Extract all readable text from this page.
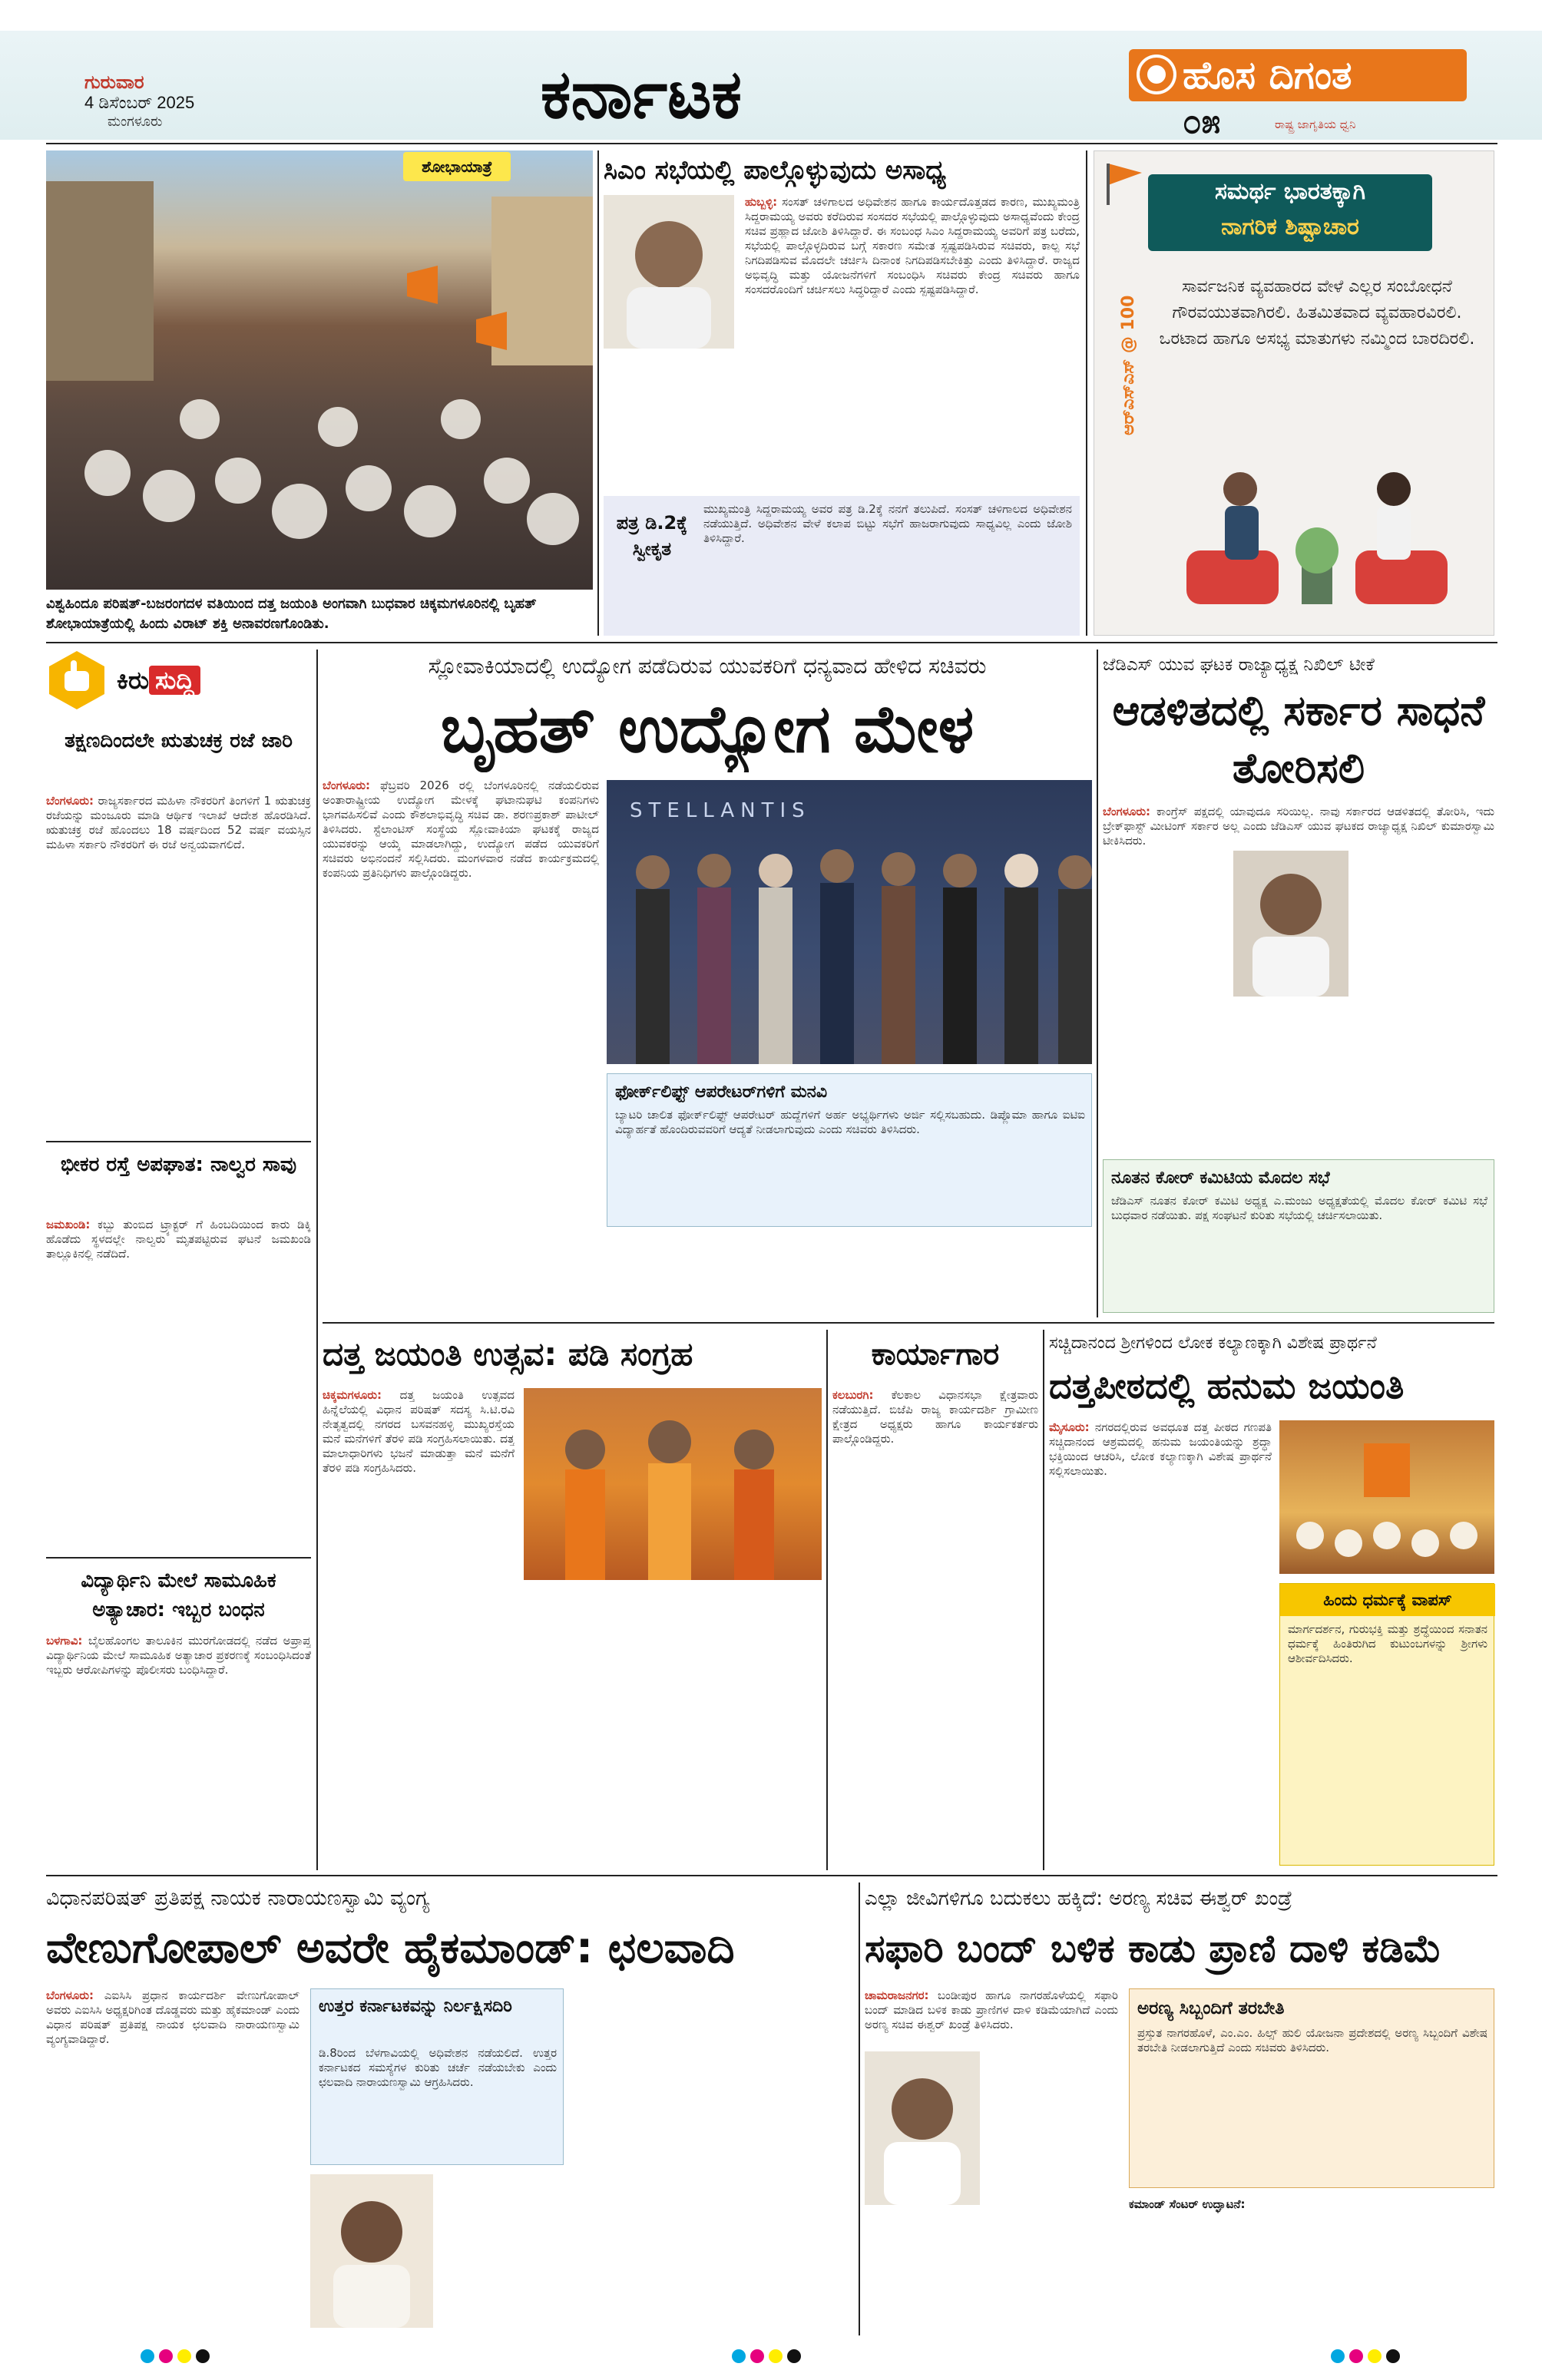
ಗುರುವಾರ
4 ಡಿಸೆಂಬರ್ 2025
ಮಂಗಳೂರು	ಕರ್ನಾಟಕ	ಹೊಸ ದಿಗಂತ
೦೫	ರಾಷ್ಟ್ರ ಜಾಗೃತಿಯ ಧ್ವನಿ
ಶೋಭಾಯಾತ್ರೆ
ವಿಶ್ವಹಿಂದೂ ಪರಿಷತ್-ಬಜರಂಗದಳ ವತಿಯಿಂದ ದತ್ತ ಜಯಂತಿ ಅಂಗವಾಗಿ ಬುಧವಾರ ಚಿಕ್ಕಮಗಳೂರಿನಲ್ಲಿ ಬೃಹತ್ ಶೋಭಾಯಾತ್ರೆಯಲ್ಲಿ ಹಿಂದು ವಿರಾಟ್ ಶಕ್ತಿ ಅನಾವರಣಗೊಂಡಿತು.
ಸಿಎಂ ಸಭೆಯಲ್ಲಿ ಪಾಲ್ಗೊಳ್ಳುವುದು ಅಸಾಧ್ಯ
ಹುಬ್ಬಳ್ಳಿ: ಸಂಸತ್ ಚಳಿಗಾಲದ ಅಧಿವೇಶನ ಹಾಗೂ ಕಾರ್ಯದೊತ್ತಡದ ಕಾರಣ, ಮುಖ್ಯಮಂತ್ರಿ ಸಿದ್ದರಾಮಯ್ಯ ಅವರು ಕರೆದಿರುವ ಸಂಸದರ ಸಭೆಯಲ್ಲಿ ಪಾಲ್ಗೊಳ್ಳುವುದು ಅಸಾಧ್ಯವೆಂದು ಕೇಂದ್ರ ಸಚಿವ ಪ್ರಹ್ಲಾದ ಜೋಶಿ ತಿಳಿಸಿದ್ದಾರೆ. ಈ ಸಂಬಂಧ ಸಿಎಂ ಸಿದ್ದರಾಮಯ್ಯ ಅವರಿಗೆ ಪತ್ರ ಬರೆದು, ಸಭೆಯಲ್ಲಿ ಪಾಲ್ಗೊಳ್ಳದಿರುವ ಬಗ್ಗೆ ಸಕಾರಣ ಸಮೇತ ಸ್ಪಷ್ಟಪಡಿಸಿರುವ ಸಚಿವರು, ಕಾಲ್ಪ ಸಭೆ ನಿಗದಿಪಡಿಸುವ ಮೊದಲೇ ಚರ್ಚಿಸಿ ದಿನಾಂಕ ನಿಗದಿಪಡಿಸಬೇಕಿತ್ತು ಎಂದು ತಿಳಿಸಿದ್ದಾರೆ. ರಾಜ್ಯದ ಅಭಿವೃದ್ಧಿ ಮತ್ತು ಯೋಜನೆಗಳಿಗೆ ಸಂಬಂಧಿಸಿ ಸಚಿವರು ಕೇಂದ್ರ ಸಚಿವರು ಹಾಗೂ ಸಂಸದರೊಂದಿಗೆ ಚರ್ಚಿಸಲು ಸಿದ್ಧರಿದ್ದಾರೆ ಎಂದು ಸ್ಪಷ್ಟಪಡಿಸಿದ್ದಾರೆ.
ಪತ್ರ ಡಿ.2ಕ್ಕೆ ಸ್ವೀಕೃತ
ಮುಖ್ಯಮಂತ್ರಿ ಸಿದ್ದರಾಮಯ್ಯ ಅವರ ಪತ್ರ ಡಿ.2ಕ್ಕೆ ನನಗೆ ತಲುಪಿದೆ. ಸಂಸತ್ ಚಳಿಗಾಲದ ಅಧಿವೇಶನ ನಡೆಯುತ್ತಿದೆ. ಅಧಿವೇಶನ ವೇಳೆ ಕಲಾಪ ಬಿಟ್ಟು ಸಭೆಗೆ ಹಾಜರಾಗುವುದು ಸಾಧ್ಯವಿಲ್ಲ ಎಂದು ಜೋಶಿ ತಿಳಿಸಿದ್ದಾರೆ.
ಸಮರ್ಥ ಭಾರತಕ್ಕಾಗಿ
ನಾಗರಿಕ ಶಿಷ್ಟಾಚಾರ
ಆರ್‌ಎಸ್‌ಎಸ್ @ 100
ಸಾರ್ವಜನಿಕ ವ್ಯವಹಾರದ ವೇಳೆ ಎಲ್ಲರ ಸಂಬೋಧನೆ ಗೌರವಯುತವಾಗಿರಲಿ. ಹಿತಮಿತವಾದ ವ್ಯವಹಾರವಿರಲಿ. ಒರಟಾದ ಹಾಗೂ ಅಸಭ್ಯ ಮಾತುಗಳು ನಮ್ಮಿಂದ ಬಾರದಿರಲಿ.
ಕಿರು ಸುದ್ದಿ
ತಕ್ಷಣದಿಂದಲೇ ಋತುಚಕ್ರ ರಜೆ ಜಾರಿ
ಬೆಂಗಳೂರು: ರಾಜ್ಯಸರ್ಕಾರದ ಮಹಿಳಾ ನೌಕರರಿಗೆ ತಿಂಗಳಿಗೆ 1 ಋತುಚಕ್ರ ರಜೆಯನ್ನು ಮಂಜೂರು ಮಾಡಿ ಆರ್ಥಿಕ ಇಲಾಖೆ ಆದೇಶ ಹೊರಡಿಸಿದೆ. ಋತುಚಕ್ರ ರಜೆ ಹೊಂದಲು 18 ವರ್ಷದಿಂದ 52 ವರ್ಷ ವಯಸ್ಸಿನ ಮಹಿಳಾ ಸರ್ಕಾರಿ ನೌಕರರಿಗೆ ಈ ರಜೆ ಅನ್ವಯವಾಗಲಿದೆ.
ಭೀಕರ ರಸ್ತೆ ಅಪಘಾತ: ನಾಲ್ವರ ಸಾವು
ಜಮಖಂಡಿ: ಕಬ್ಬು ತುಂಬಿದ ಟ್ರ್ಯಾಕ್ಟರ್ ಗೆ ಹಿಂಬದಿಯಿಂದ ಕಾರು ಡಿಕ್ಕಿ ಹೊಡೆದು ಸ್ಥಳದಲ್ಲೇ ನಾಲ್ವರು ಮೃತಪಟ್ಟಿರುವ ಘಟನೆ ಜಮಖಂಡಿ ತಾಲ್ಲೂಕಿನಲ್ಲಿ ನಡೆದಿದೆ.
ವಿದ್ಯಾರ್ಥಿನಿ ಮೇಲೆ ಸಾಮೂಹಿಕ ಅತ್ಯಾಚಾರ: ಇಬ್ಬರ ಬಂಧನ
ಬಳಗಾವಿ: ಬೈಲಹೊಂಗಲ ತಾಲೂಕಿನ ಮುರಗೋಡದಲ್ಲಿ ನಡೆದ ಅಪ್ರಾಪ್ತ ವಿದ್ಯಾರ್ಥಿನಿಯ ಮೇಲೆ ಸಾಮೂಹಿಕ ಅತ್ಯಾಚಾರ ಪ್ರಕರಣಕ್ಕೆ ಸಂಬಂಧಿಸಿದಂತೆ ಇಬ್ಬರು ಆರೋಪಿಗಳನ್ನು ಪೊಲೀಸರು ಬಂಧಿಸಿದ್ದಾರೆ.
ಸ್ಲೋವಾಕಿಯಾದಲ್ಲಿ ಉದ್ಯೋಗ ಪಡೆದಿರುವ ಯುವಕರಿಗೆ ಧನ್ಯವಾದ ಹೇಳಿದ ಸಚಿವರು
ಬೃಹತ್ ಉದ್ಯೋಗ ಮೇಳ
ಬೆಂಗಳೂರು: ಫೆಬ್ರವರಿ 2026 ರಲ್ಲಿ ಬೆಂಗಳೂರಿನಲ್ಲಿ ನಡೆಯಲಿರುವ ಅಂತಾರಾಷ್ಟ್ರೀಯ ಉದ್ಯೋಗ ಮೇಳಕ್ಕೆ ಘಟಾನುಘಟಿ ಕಂಪನಿಗಳು ಭಾಗವಹಿಸಲಿವೆ ಎಂದು ಕೌಶಲಾಭಿವೃದ್ಧಿ ಸಚಿವ ಡಾ. ಶರಣಪ್ರಕಾಶ್ ಪಾಟೀಲ್ ತಿಳಿಸಿದರು. ಸ್ಟೆಲಾಂಟಿಸ್ ಸಂಸ್ಥೆಯ ಸ್ಲೋವಾಕಿಯಾ ಘಟಕಕ್ಕೆ ರಾಜ್ಯದ ಯುವಕರನ್ನು ಆಯ್ಕೆ ಮಾಡಲಾಗಿದ್ದು, ಉದ್ಯೋಗ ಪಡೆದ ಯುವಕರಿಗೆ ಸಚಿವರು ಅಭಿನಂದನೆ ಸಲ್ಲಿಸಿದರು. ಮಂಗಳವಾರ ನಡೆದ ಕಾರ್ಯಕ್ರಮದಲ್ಲಿ ಕಂಪನಿಯ ಪ್ರತಿನಿಧಿಗಳು ಪಾಲ್ಗೊಂಡಿದ್ದರು.
STELLANTIS
ಫೋರ್ಕ್‌ಲಿಫ್ಟ್ ಆಪರೇಟರ್‌ಗಳಿಗೆ ಮನವಿ
ಬ್ಯಾಟರಿ ಚಾಲಿತ ಫೋರ್ಕ್‌ಲಿಫ್ಟ್ ಆಪರೇಟರ್ ಹುದ್ದೆಗಳಿಗೆ ಅರ್ಹ ಅಭ್ಯರ್ಥಿಗಳು ಅರ್ಜಿ ಸಲ್ಲಿಸಬಹುದು. ಡಿಪ್ಲೊಮಾ ಹಾಗೂ ಐಟಿಐ ವಿದ್ಯಾರ್ಹತೆ ಹೊಂದಿರುವವರಿಗೆ ಆದ್ಯತೆ ನೀಡಲಾಗುವುದು ಎಂದು ಸಚಿವರು ತಿಳಿಸಿದರು.
ಜೆಡಿಎಸ್ ಯುವ ಘಟಕ ರಾಜ್ಯಾಧ್ಯಕ್ಷ ನಿಖಿಲ್ ಟೀಕೆ
ಆಡಳಿತದಲ್ಲಿ ಸರ್ಕಾರ ಸಾಧನೆ ತೋರಿಸಲಿ
ಬೆಂಗಳೂರು: ಕಾಂಗ್ರೆಸ್ ಪಕ್ಷದಲ್ಲಿ ಯಾವುದೂ ಸರಿಯಿಲ್ಲ. ನಾವು ಸರ್ಕಾರದ ಆಡಳಿತದಲ್ಲಿ ತೋರಿಸಿ, ಇದು ಬ್ರೇಕ್‌ಫಾಸ್ಟ್ ಮೀಟಿಂಗ್ ಸರ್ಕಾರ ಅಲ್ಲ ಎಂದು ಜೆಡಿಎಸ್ ಯುವ ಘಟಕದ ರಾಜ್ಯಾಧ್ಯಕ್ಷ ನಿಖಿಲ್ ಕುಮಾರಸ್ವಾಮಿ ಟೀಕಿಸಿದರು.
ನೂತನ ಕೋರ್ ಕಮಿಟಿಯ ಮೊದಲ ಸಭೆ
ಜೆಡಿಎಸ್ ನೂತನ ಕೋರ್ ಕಮಿಟಿ ಅಧ್ಯಕ್ಷ ಎ.ಮಂಜು ಅಧ್ಯಕ್ಷತೆಯಲ್ಲಿ ಮೊದಲ ಕೋರ್ ಕಮಿಟಿ ಸಭೆ ಬುಧವಾರ ನಡೆಯಿತು. ಪಕ್ಷ ಸಂಘಟನೆ ಕುರಿತು ಸಭೆಯಲ್ಲಿ ಚರ್ಚಿಸಲಾಯಿತು.
ದತ್ತ ಜಯಂತಿ ಉತ್ಸವ: ಪಡಿ ಸಂಗ್ರಹ
ಚಿಕ್ಕಮಗಳೂರು: ದತ್ತ ಜಯಂತಿ ಉತ್ಸವದ ಹಿನ್ನೆಲೆಯಲ್ಲಿ ವಿಧಾನ ಪರಿಷತ್ ಸದಸ್ಯ ಸಿ.ಟಿ.ರವಿ ನೇತೃತ್ವದಲ್ಲಿ ನಗರದ ಬಸವನಹಳ್ಳಿ ಮುಖ್ಯರಸ್ತೆಯ ಮನೆ ಮನೆಗಳಿಗೆ ತೆರಳಿ ಪಡಿ ಸಂಗ್ರಹಿಸಲಾಯಿತು. ದತ್ತ ಮಾಲಾಧಾರಿಗಳು ಭಜನೆ ಮಾಡುತ್ತಾ ಮನೆ ಮನೆಗೆ ತೆರಳಿ ಪಡಿ ಸಂಗ್ರಹಿಸಿದರು.
ಕಾರ್ಯಾಗಾರ
ಕಲಬುರಗಿ: ಕೆಲಕಾಲ ವಿಧಾನಸಭಾ ಕ್ಷೇತ್ರವಾರು ನಡೆಯುತ್ತಿದೆ. ಬಿಜೆಪಿ ರಾಜ್ಯ ಕಾರ್ಯದರ್ಶಿ ಗ್ರಾಮೀಣ ಕ್ಷೇತ್ರದ ಅಧ್ಯಕ್ಷರು ಹಾಗೂ ಕಾರ್ಯಕರ್ತರು ಪಾಲ್ಗೊಂಡಿದ್ದರು.
ಸಚ್ಚಿದಾನಂದ ಶ್ರೀಗಳಿಂದ ಲೋಕ ಕಲ್ಯಾಣಕ್ಕಾಗಿ ವಿಶೇಷ ಪ್ರಾರ್ಥನೆ
ದತ್ತಪೀಠದಲ್ಲಿ ಹನುಮ ಜಯಂತಿ
ಮೈಸೂರು: ನಗರದಲ್ಲಿರುವ ಅವಧೂತ ದತ್ತ ಪೀಠದ ಗಣಪತಿ ಸಚ್ಚಿದಾನಂದ ಆಶ್ರಮದಲ್ಲಿ ಹನುಮ ಜಯಂತಿಯನ್ನು ಶ್ರದ್ಧಾ ಭಕ್ತಿಯಿಂದ ಆಚರಿಸಿ, ಲೋಕ ಕಲ್ಯಾಣಕ್ಕಾಗಿ ವಿಶೇಷ ಪ್ರಾರ್ಥನೆ ಸಲ್ಲಿಸಲಾಯಿತು.
ಹಿಂದು ಧರ್ಮಕ್ಕೆ ವಾಪಸ್
ಮಾರ್ಗದರ್ಶನ, ಗುರುಭಕ್ತಿ ಮತ್ತು ಶ್ರದ್ಧೆಯಿಂದ ಸನಾತನ ಧರ್ಮಕ್ಕೆ ಹಿಂತಿರುಗಿದ ಕುಟುಂಬಗಳನ್ನು ಶ್ರೀಗಳು ಆಶೀರ್ವದಿಸಿದರು.
ವಿಧಾನಪರಿಷತ್ ಪ್ರತಿಪಕ್ಷ ನಾಯಕ ನಾರಾಯಣಸ್ವಾಮಿ ವ್ಯಂಗ್ಯ
ವೇಣುಗೋಪಾಲ್ ಅವರೇ ಹೈಕಮಾಂಡ್: ಛಲವಾದಿ
ಬೆಂಗಳೂರು: ಎಐಸಿಸಿ ಪ್ರಧಾನ ಕಾರ್ಯದರ್ಶಿ ವೇಣುಗೋಪಾಲ್ ಅವರು ಎಐಸಿಸಿ ಅಧ್ಯಕ್ಷರಿಗಿಂತ ದೊಡ್ಡವರು ಮತ್ತು ಹೈಕಮಾಂಡ್ ಎಂದು ವಿಧಾನ ಪರಿಷತ್ ಪ್ರತಿಪಕ್ಷ ನಾಯಕ ಛಲವಾದಿ ನಾರಾಯಣಸ್ವಾಮಿ ವ್ಯಂಗ್ಯವಾಡಿದ್ದಾರೆ.
ಉತ್ತರ ಕರ್ನಾಟಕವನ್ನು ನಿರ್ಲಕ್ಷಿಸದಿರಿ
ಡಿ.8ರಿಂದ ಬೆಳಗಾವಿಯಲ್ಲಿ ಅಧಿವೇಶನ ನಡೆಯಲಿದೆ. ಉತ್ತರ ಕರ್ನಾಟಕದ ಸಮಸ್ಯೆಗಳ ಕುರಿತು ಚರ್ಚೆ ನಡೆಯಬೇಕು ಎಂದು ಛಲವಾದಿ ನಾರಾಯಣಸ್ವಾಮಿ ಆಗ್ರಹಿಸಿದರು.
ಎಲ್ಲಾ ಜೀವಿಗಳಿಗೂ ಬದುಕಲು ಹಕ್ಕಿದೆ: ಅರಣ್ಯ ಸಚಿವ ಈಶ್ವರ್ ಖಂಡ್ರೆ
ಸಫಾರಿ ಬಂದ್ ಬಳಿಕ ಕಾಡು ಪ್ರಾಣಿ ದಾಳಿ ಕಡಿಮೆ
ಚಾಮರಾಜನಗರ: ಬಂಡೀಪುರ ಹಾಗೂ ನಾಗರಹೊಳೆಯಲ್ಲಿ ಸಫಾರಿ ಬಂದ್ ಮಾಡಿದ ಬಳಿಕ ಕಾಡು ಪ್ರಾಣಿಗಳ ದಾಳಿ ಕಡಿಮೆಯಾಗಿದೆ ಎಂದು ಅರಣ್ಯ ಸಚಿವ ಈಶ್ವರ್ ಖಂಡ್ರೆ ತಿಳಿಸಿದರು.
ಅರಣ್ಯ ಸಿಬ್ಬಂದಿಗೆ ತರಬೇತಿ
ಪ್ರಸ್ತುತ ನಾಗರಹೊಳೆ, ಎಂ.ಎಂ. ಹಿಲ್ಸ್ ಹುಲಿ ಯೋಜನಾ ಪ್ರದೇಶದಲ್ಲಿ ಅರಣ್ಯ ಸಿಬ್ಬಂದಿಗೆ ವಿಶೇಷ ತರಬೇತಿ ನೀಡಲಾಗುತ್ತಿದೆ ಎಂದು ಸಚಿವರು ತಿಳಿಸಿದರು.
ಕಮಾಂಡ್ ಸೆಂಟರ್ ಉದ್ಘಾಟನೆ:
